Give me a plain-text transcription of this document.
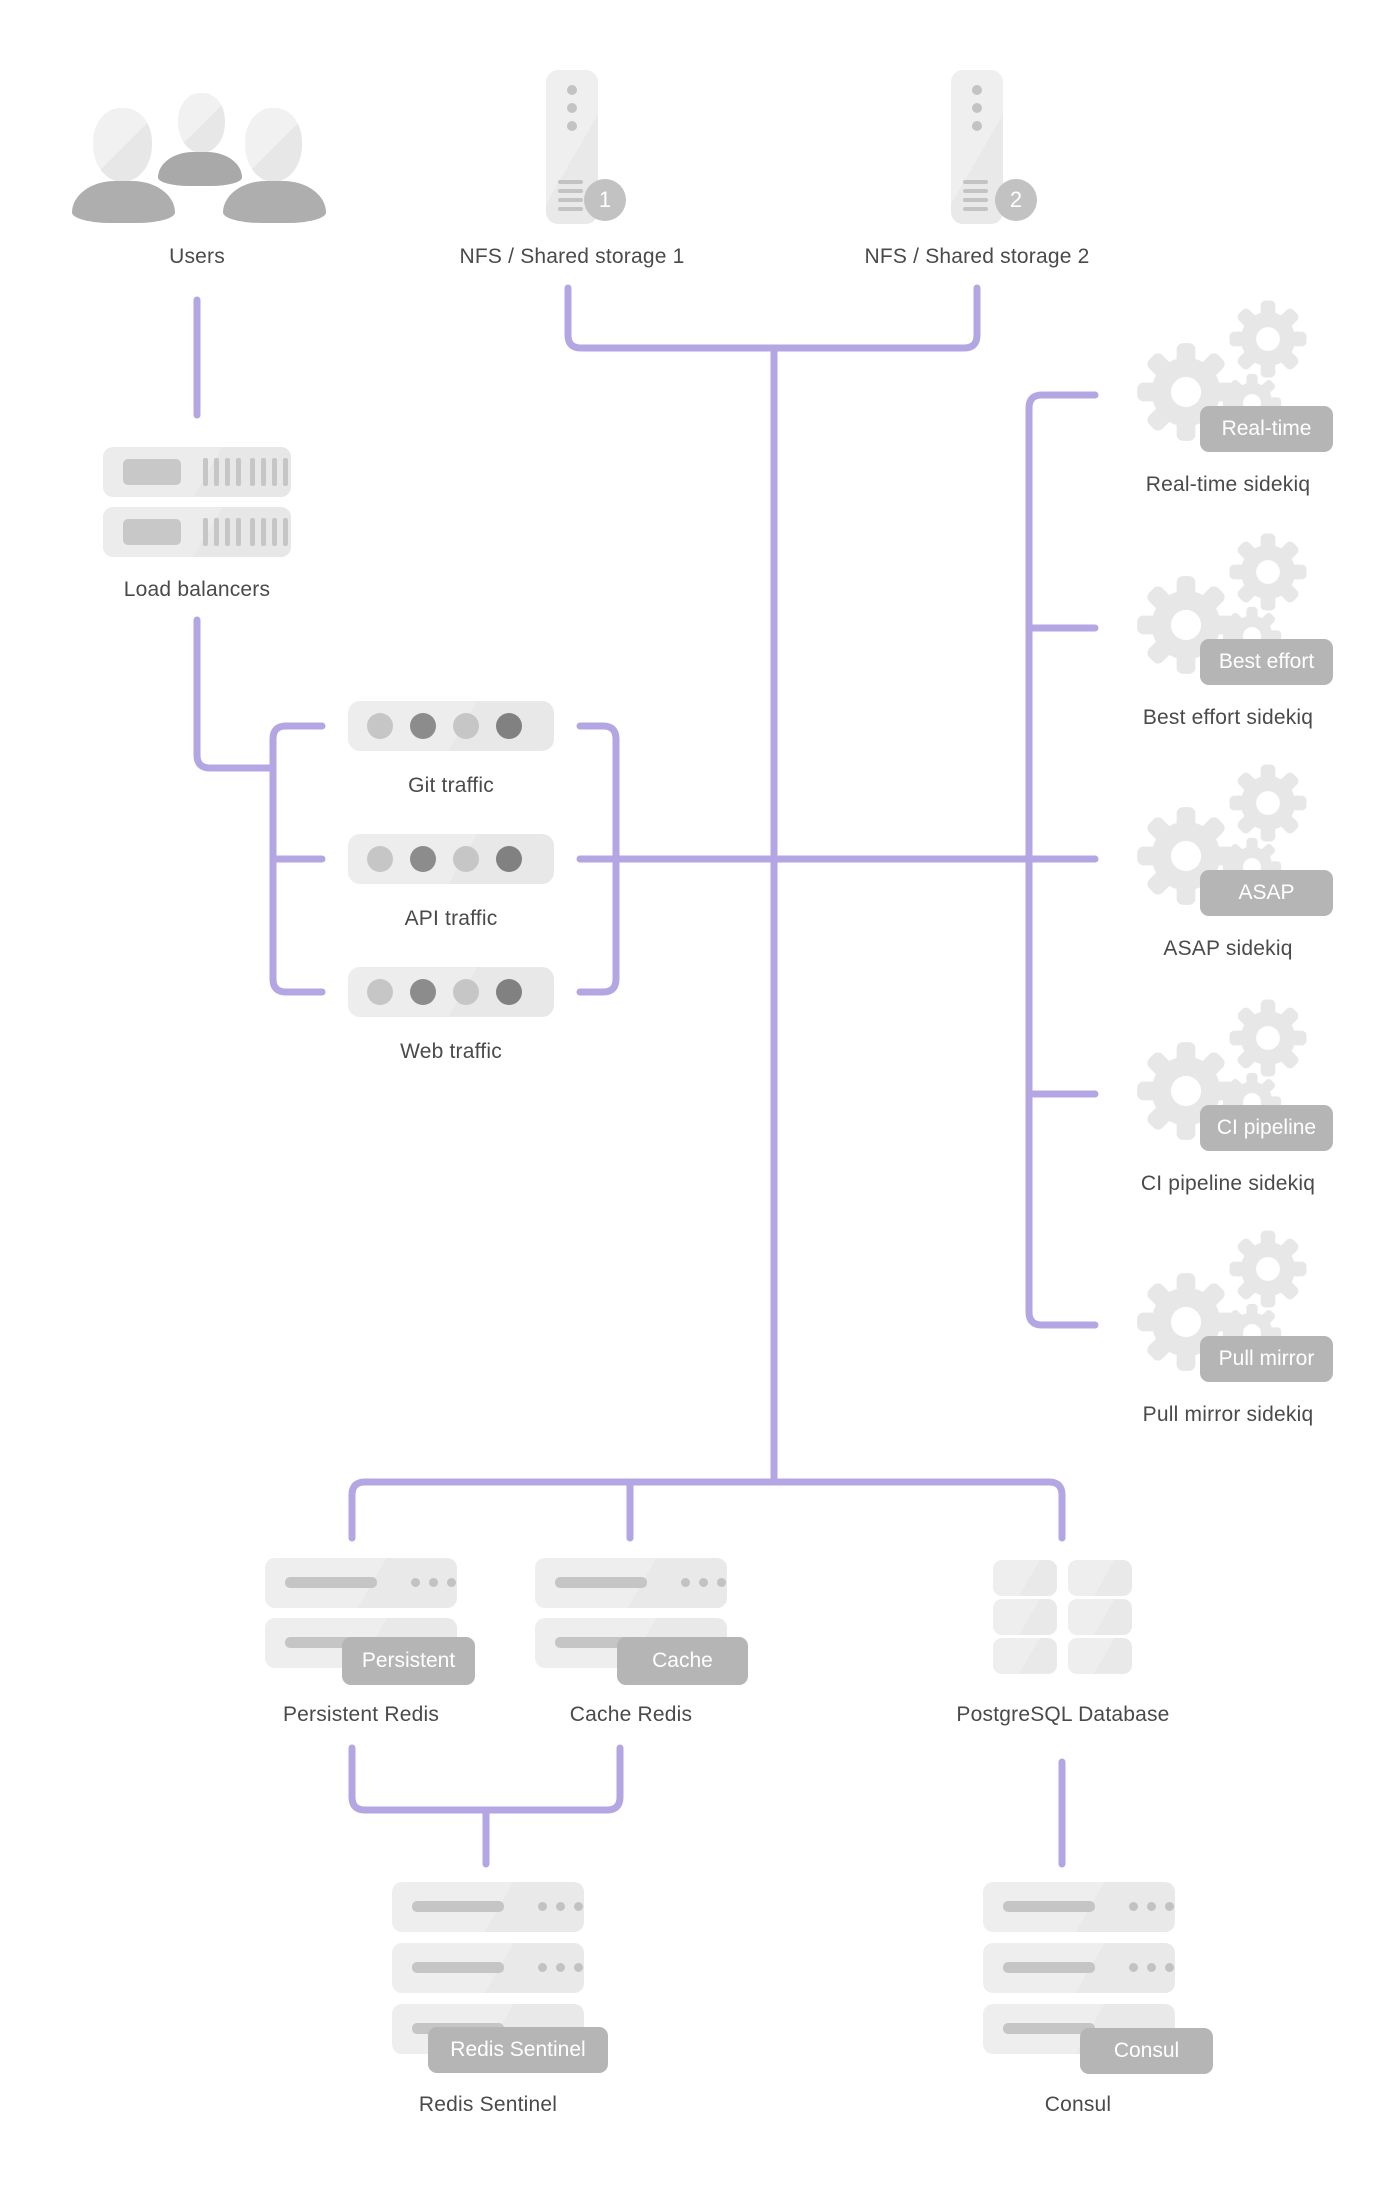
Users
1
NFS / Shared storage 1
2
NFS / Shared storage 2
Load balancers
Git traffic
API traffic
Web traffic
Real-time
Real-time sidekiq
Best effort
Best effort sidekiq
ASAP
ASAP sidekiq
CI pipeline
CI pipeline sidekiq
Pull mirror
Pull mirror sidekiq
Persistent
Persistent Redis
Cache
Cache Redis	PostgreSQL Database
Redis Sentinel
Redis Sentinel
Consul
Consul
